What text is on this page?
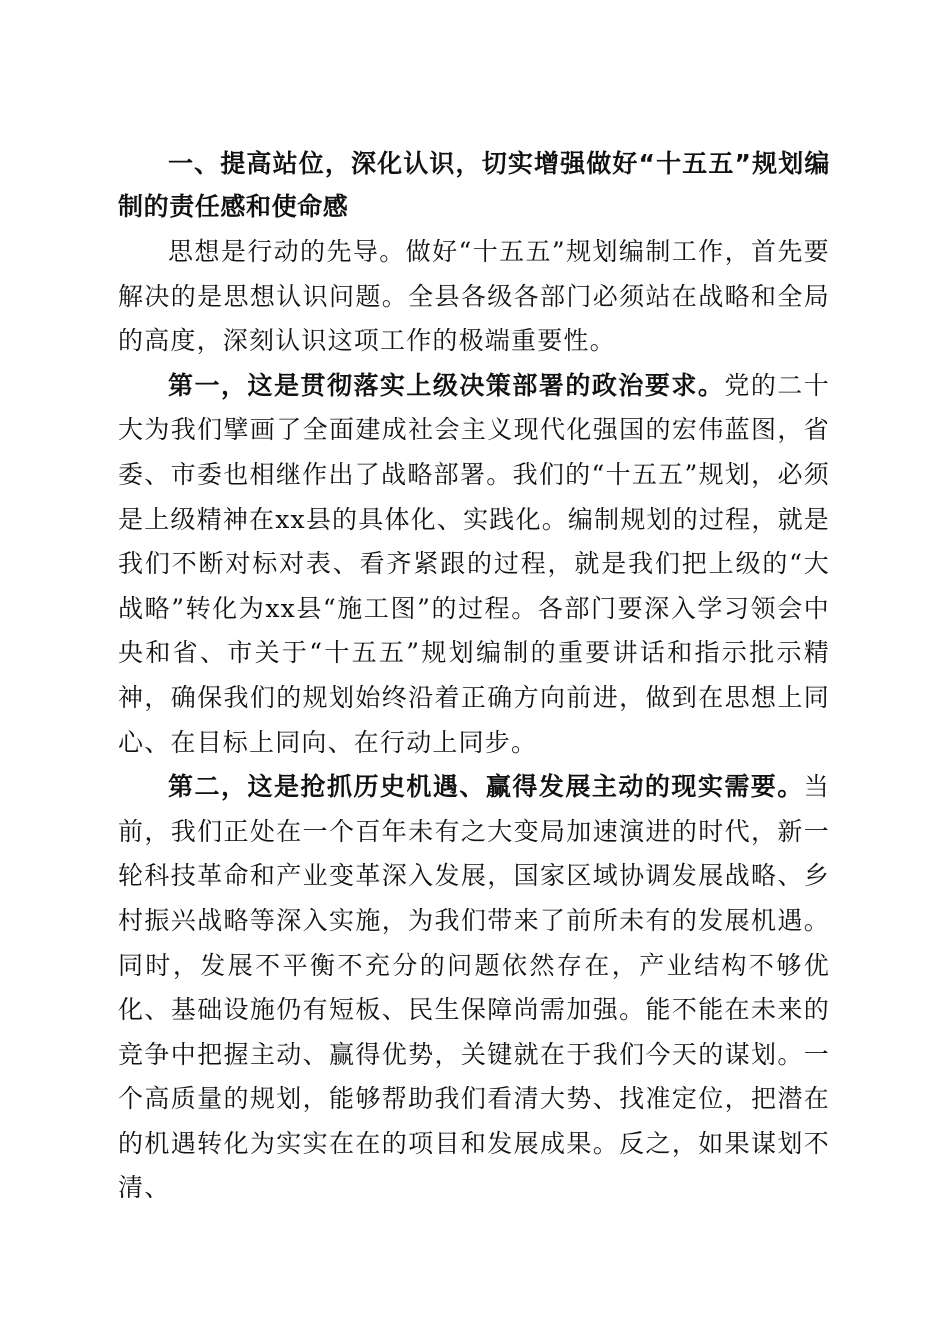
一、提高站位，深化认识，切实增强做好“十五五”规划编制的责任感和使命感

思想是行动的先导。做好“十五五”规划编制工作，首先要解决的是思想认识问题。全县各级各部门必须站在战略和全局的高度，深刻认识这项工作的极端重要性。

第一，这是贯彻落实上级决策部署的政治要求。党的二十大为我们擘画了全面建成社会主义现代化强国的宏伟蓝图，省委、市委也相继作出了战略部署。我们的“十五五”规划，必须是上级精神在xx县的具体化、实践化。编制规划的过程，就是我们不断对标对表、看齐紧跟的过程，就是我们把上级的“大战略”转化为xx县“施工图”的过程。各部门要深入学习领会中央和省、市关于“十五五”规划编制的重要讲话和指示批示精神，确保我们的规划始终沿着正确方向前进，做到在思想上同心、在目标上同向、在行动上同步。

第二，这是抢抓历史机遇、赢得发展主动的现实需要。当前，我们正处在一个百年未有之大变局加速演进的时代，新一轮科技革命和产业变革深入发展，国家区域协调发展战略、乡村振兴战略等深入实施，为我们带来了前所未有的发展机遇。同时，发展不平衡不充分的问题依然存在，产业结构不够优化、基础设施仍有短板、民生保障尚需加强。能不能在未来的竞争中把握主动、赢得优势，关键就在于我们今天的谋划。一个高质量的规划，能够帮助我们看清大势、找准定位，把潜在的机遇转化为实实在在的项目和发展成果。反之，如果谋划不清、
